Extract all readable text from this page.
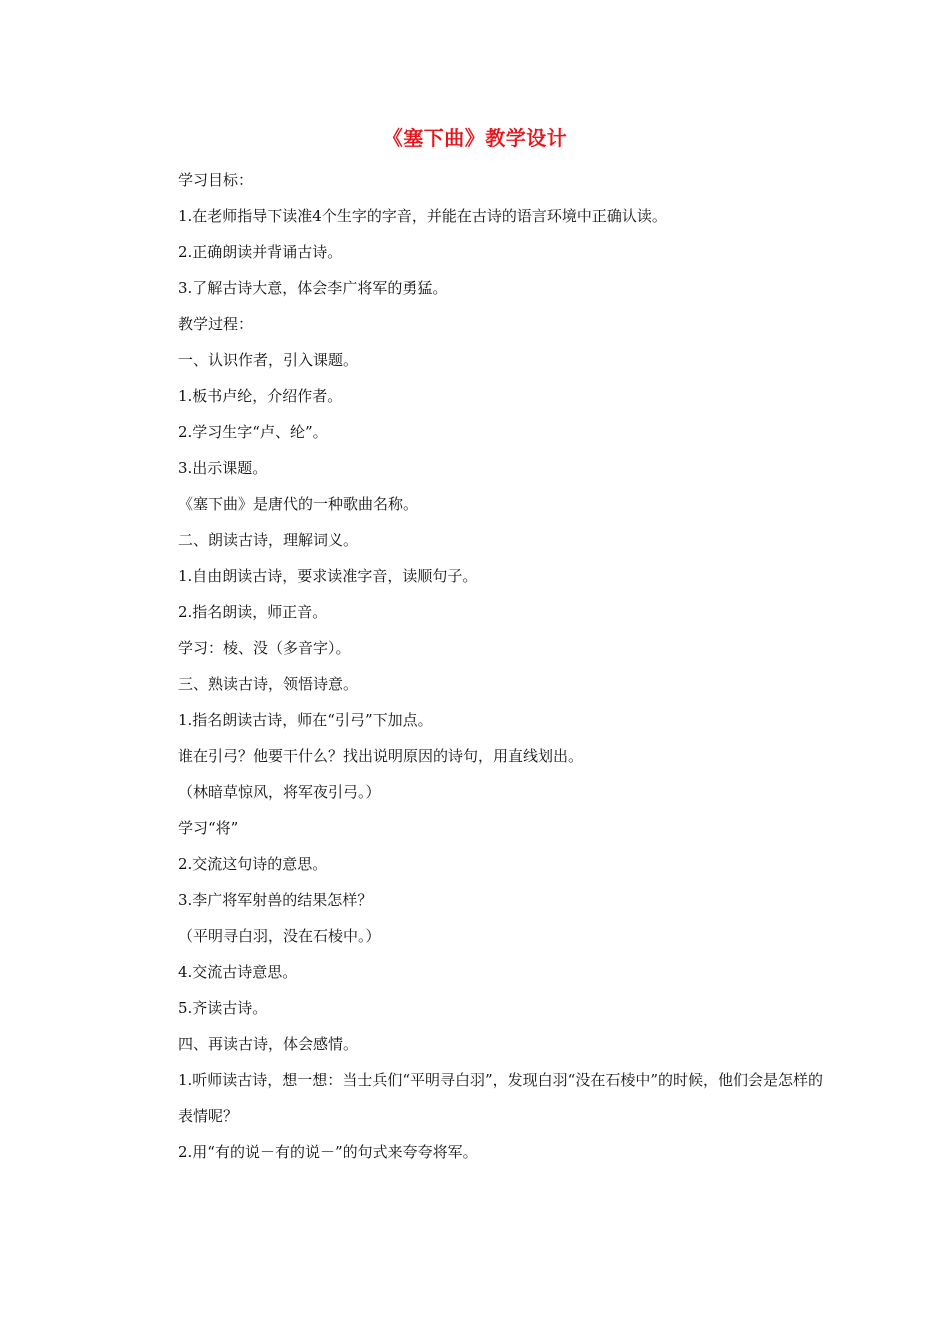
《塞下曲》教学设计
学习目标：
1.在老师指导下读准4个生字的字音，并能在古诗的语言环境中正确认读。
2.正确朗读并背诵古诗。
3.了解古诗大意，体会李广将军的勇猛。
教学过程：
一、认识作者，引入课题。
1.板书卢纶，介绍作者。
2.学习生字“卢、纶”。
3.出示课题。
《塞下曲》是唐代的一种歌曲名称。
二、朗读古诗，理解词义。
1.自由朗读古诗，要求读准字音，读顺句子。
2.指名朗读，师正音。
学习：棱、没（多音字）。
三、熟读古诗，领悟诗意。
1.指名朗读古诗，师在“引弓”下加点。
谁在引弓？他要干什么？找出说明原因的诗句，用直线划出。
（林暗草惊风，将军夜引弓。）
学习“将”
2.交流这句诗的意思。
3.李广将军射兽的结果怎样？
（平明寻白羽，没在石棱中。）
4.交流古诗意思。
5.齐读古诗。
四、再读古诗，体会感情。
1.听师读古诗，想一想：当士兵们“平明寻白羽”，发现白羽“没在石棱中”的时候，他们会是怎样的表情呢？
2.用“有的说－有的说－”的句式来夸夸将军。
